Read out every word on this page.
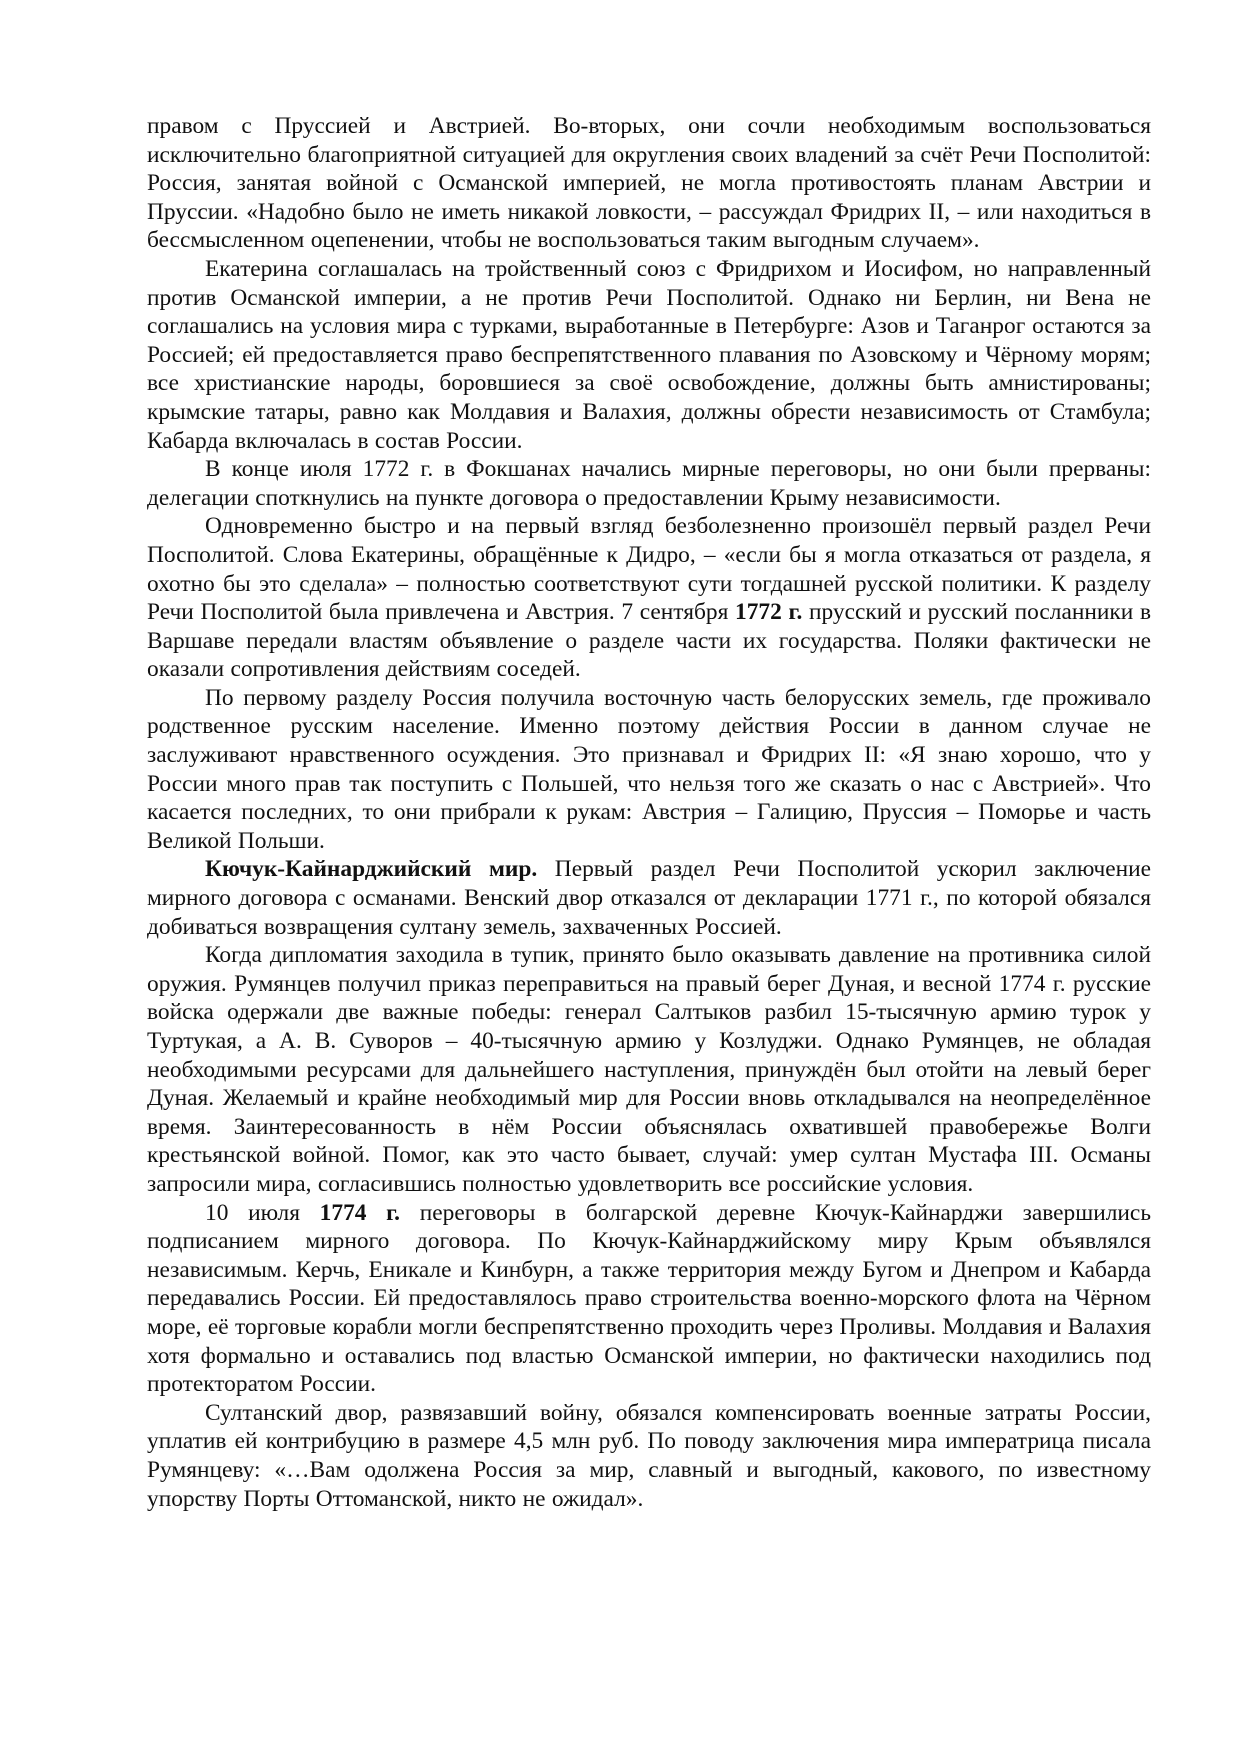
правом с Пруссией и Австрией. Во-вторых, они сочли необходимым воспользоваться исключительно благоприятной ситуацией для округления своих владений за счёт Речи Посполитой: Россия, занятая войной с Османской империей, не могла противостоять планам Австрии и Пруссии. «Надобно было не иметь никакой ловкости, – рассуждал Фридрих II, – или находиться в бессмысленном оцепенении, чтобы не воспользоваться таким выгодным случаем».

Екатерина соглашалась на тройственный союз с Фридрихом и Иосифом, но направленный против Османской империи, а не против Речи Посполитой. Однако ни Берлин, ни Вена не соглашались на условия мира с турками, выработанные в Петербурге: Азов и Таганрог остаются за Россией; ей предоставляется право беспрепятственного плавания по Азовскому и Чёрному морям; все христианские народы, боровшиеся за своё освобождение, должны быть амнистированы; крымские татары, равно как Молдавия и Валахия, должны обрести независимость от Стамбула; Кабарда включалась в состав России.

В конце июля 1772 г. в Фокшанах начались мирные переговоры, но они были прерваны: делегации споткнулись на пункте договора о предоставлении Крыму независимости.

Одновременно быстро и на первый взгляд безболезненно произошёл первый раздел Речи Посполитой. Слова Екатерины, обращённые к Дидро, – «если бы я могла отказаться от раздела, я охотно бы это сделала» – полностью соответствуют сути тогдашней русской политики. К разделу Речи Посполитой была привлечена и Австрия. 7 сентября 1772 г. прусский и русский посланники в Варшаве передали властям объявление о разделе части их государства. Поляки фактически не оказали сопротивления действиям соседей.

По первому разделу Россия получила восточную часть белорусских земель, где проживало родственное русским население. Именно поэтому действия России в данном случае не заслуживают нравственного осуждения. Это признавал и Фридрих II: «Я знаю хорошо, что у России много прав так поступить с Польшей, что нельзя того же сказать о нас с Австрией». Что касается последних, то они прибрали к рукам: Австрия – Галицию, Пруссия – Поморье и часть Великой Польши.

Кючук-Кайнарджийский мир. Первый раздел Речи Посполитой ускорил заключение мирного договора с османами. Венский двор отказался от декларации 1771 г., по которой обязался добиваться возвращения султану земель, захваченных Россией.

Когда дипломатия заходила в тупик, принято было оказывать давление на противника силой оружия. Румянцев получил приказ переправиться на правый берег Дуная, и весной 1774 г. русские войска одержали две важные победы: генерал Салтыков разбил 15-тысячную армию турок у Туртукая, а А. В. Суворов – 40-тысячную армию у Козлуджи. Однако Румянцев, не обладая необходимыми ресурсами для дальнейшего наступления, принуждён был отойти на левый берег Дуная. Желаемый и крайне необходимый мир для России вновь откладывался на неопределённое время. Заинтересованность в нём России объяснялась охватившей правобережье Волги крестьянской войной. Помог, как это часто бывает, случай: умер султан Мустафа III. Османы запросили мира, согласившись полностью удовлетворить все российские условия.

10 июля 1774 г. переговоры в болгарской деревне Кючук-Кайнарджи завершились подписанием мирного договора. По Кючук-Кайнарджийскому миру Крым объявлялся независимым. Керчь, Еникале и Кинбурн, а также территория между Бугом и Днепром и Кабарда передавались России. Ей предоставлялось право строительства военно-морского флота на Чёрном море, её торговые корабли могли беспрепятственно проходить через Проливы. Молдавия и Валахия хотя формально и оставались под властью Османской империи, но фактически находились под протекторатом России.

Султанский двор, развязавший войну, обязался компенсировать военные затраты России, уплатив ей контрибуцию в размере 4,5 млн руб. По поводу заключения мира императрица писала Румянцеву: «…Вам одолжена Россия за мир, славный и выгодный, какового, по известному упорству Порты Оттоманской, никто не ожидал».
